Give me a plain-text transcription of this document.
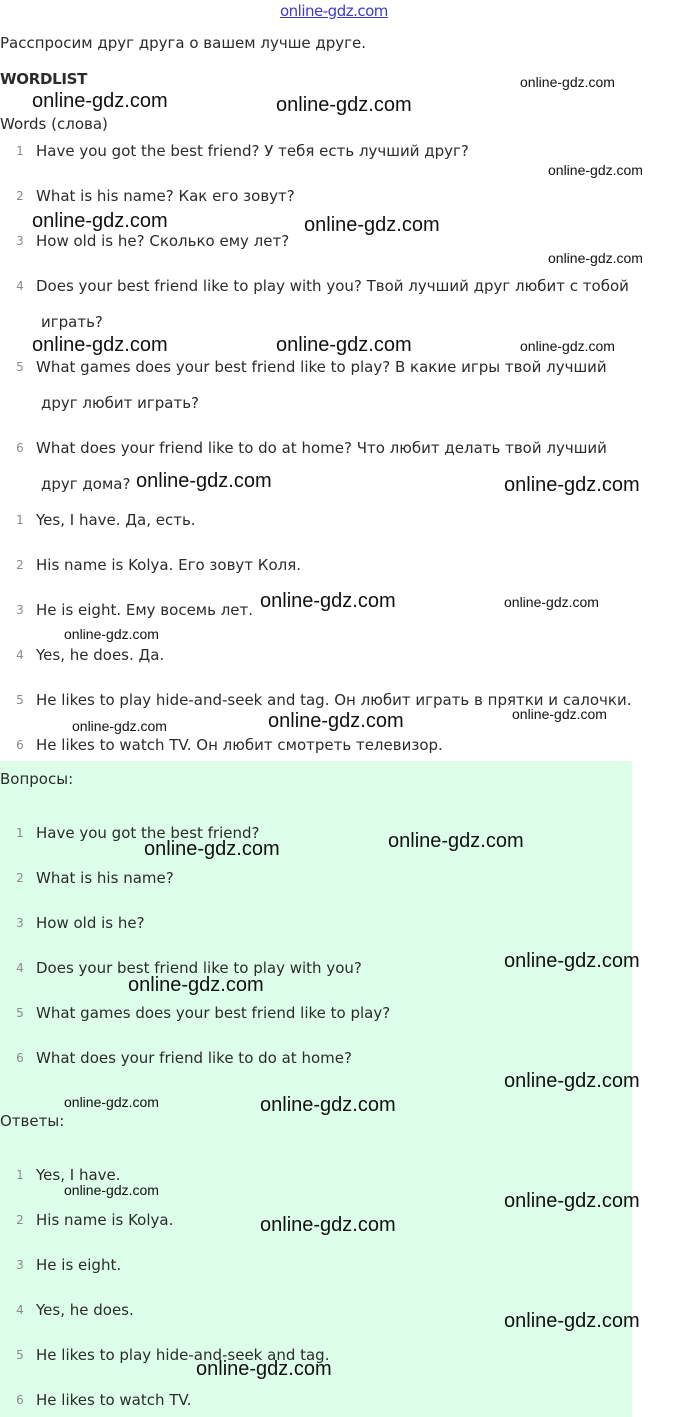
online-gdz.com
Расспросим друг друга о вашем лучше друге.
WORDLIST
Words (слова)
1 Have you got the best friend? У тебя есть лучший друг?
2 What is his name? Как его зовут?
3 How old is he? Сколько ему лет?
4 Does your best friend like to play with you? Твой лучший друг любит с тобой
играть?
5 What games does your best friend like to play? В какие игры твой лучший
друг любит играть?
6 What does your friend like to do at home? Что любит делать твой лучший
друг дома?
1 Yes, I have. Да, есть.
2 His name is Kolya. Его зовут Коля.
3 He is eight. Ему восемь лет.
4 Yes, he does. Да.
5 He likes to play hide-and-seek and tag. Он любит играть в прятки и салочки.
6 He likes to watch TV. Он любит смотреть телевизор.
Вопросы:
1 Have you got the best friend?
2 What is his name?
3 How old is he?
4 Does your best friend like to play with you?
5 What games does your best friend like to play?
6 What does your friend like to do at home?
Ответы:
1 Yes, I have.
2 His name is Kolya.
3 He is eight.
4 Yes, he does.
5 He likes to play hide-and-seek and tag.
6 He likes to watch TV.
online-gdz.com
online-gdz.com	online-gdz.com
online-gdz.com
online-gdz.com	online-gdz.com
online-gdz.com
online-gdz.com	online-gdz.com	online-gdz.com
online-gdz.com	online-gdz.com
online-gdz.com	online-gdz.com
online-gdz.com
online-gdz.com
online-gdz.com
online-gdz.com
online-gdz.com
online-gdz.com
online-gdz.com
online-gdz.com
online-gdz.com
online-gdz.com	online-gdz.com
online-gdz.com	online-gdz.com
online-gdz.com
online-gdz.com
online-gdz.com
